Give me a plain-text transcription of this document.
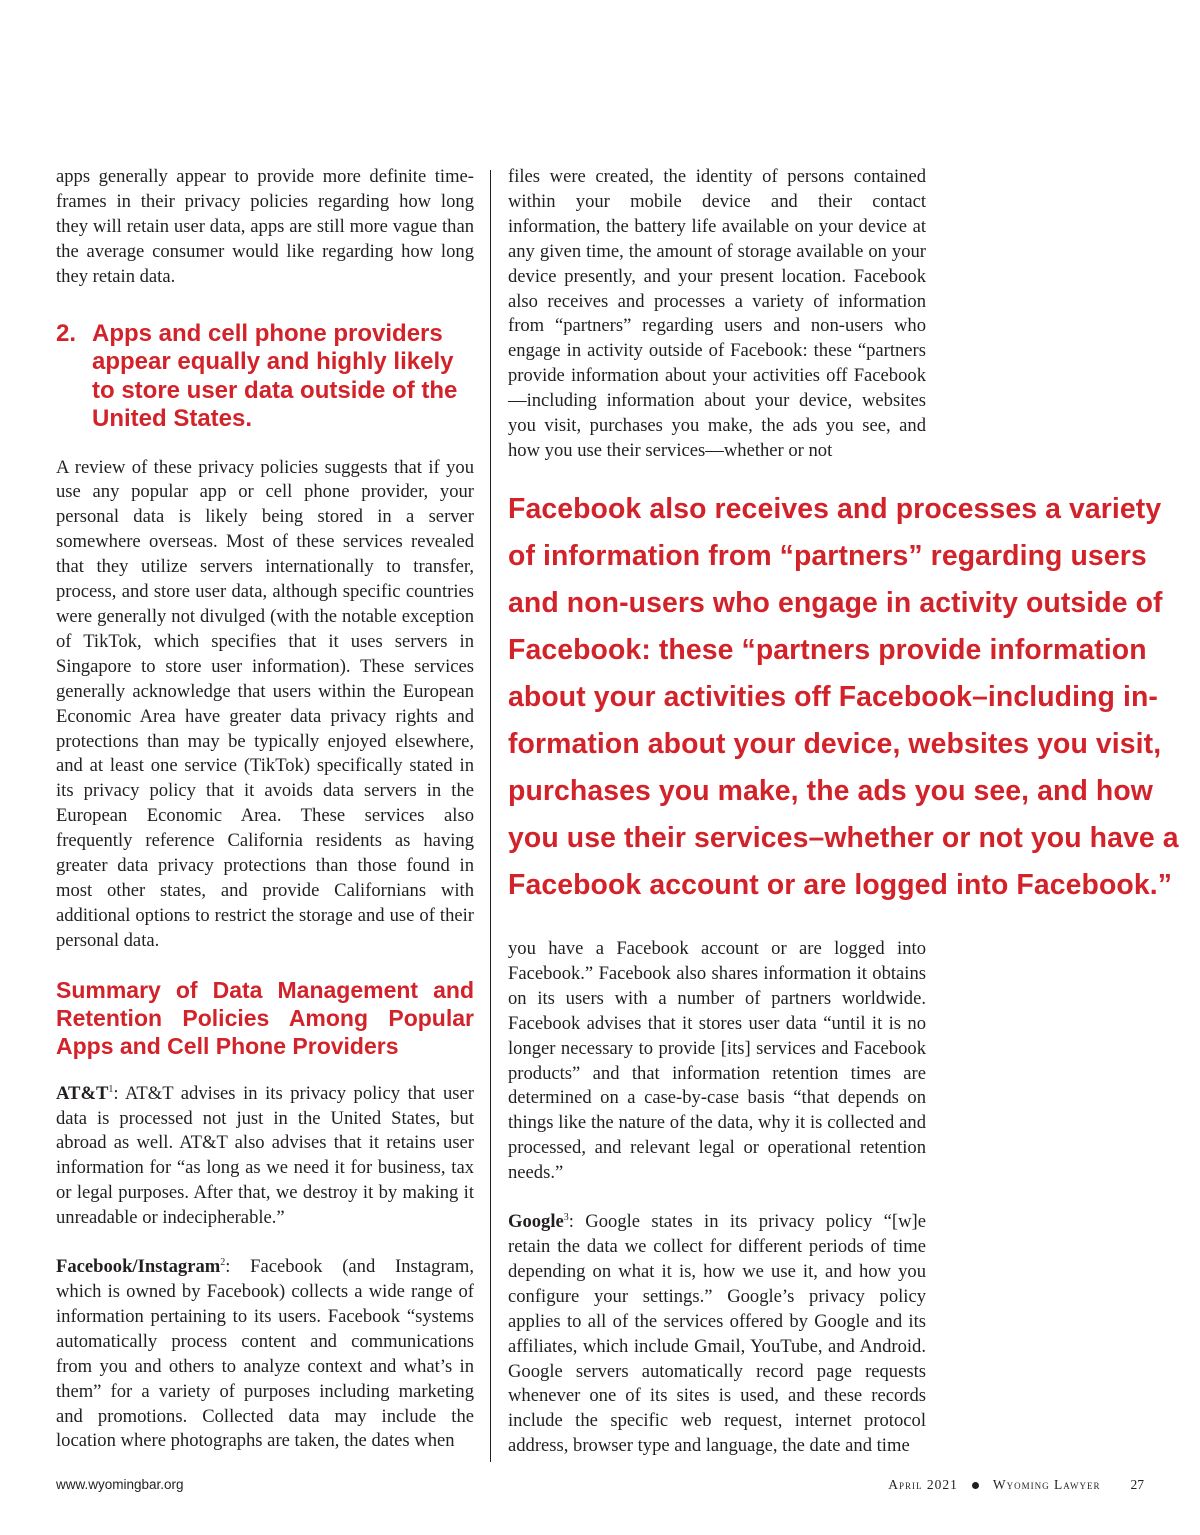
apps generally appear to provide more definite time-frames in their privacy policies regarding how long they will retain user data, apps are still more vague than the average consumer would like regarding how long they retain data.

2. Apps and cell phone providers appear equally and highly likely to store user data outside of the United States.

A review of these privacy policies suggests that if you use any popular app or cell phone provider, your personal data is likely being stored in a server somewhere overseas. Most of these services revealed that they utilize servers internationally to transfer, process, and store user data, although specific countries were generally not divulged (with the notable exception of TikTok, which specifies that it uses servers in Singapore to store user information). These services generally acknowledge that users within the European Economic Area have greater data privacy rights and protections than may be typically enjoyed elsewhere, and at least one service (TikTok) specifically stated in its privacy policy that it avoids data servers in the European Economic Area. These services also frequently reference California residents as having greater data privacy protections than those found in most other states, and provide Californians with additional options to restrict the storage and use of their personal data.

Summary of Data Management and Retention Policies Among Popular Apps and Cell Phone Providers

$AT\&T^1$: AT&T advises in its privacy policy that user data is processed not just in the United States, but abroad as well. AT&T also advises that it retains user information for “as long as we need it for business, tax or legal purposes. After that, we destroy it by making it unreadable or indecipherable.”

Facebook/Instagram$^2$: Facebook (and Instagram, which is owned by Facebook) collects a wide range of information pertaining to its users. Facebook “systems automatically process content and communications from you and others to analyze context and what’s in them” for a variety of purposes including marketing and promotions. Collected data may include the location where photographs are taken, the dates when

files were created, the identity of persons contained within your mobile device and their contact information, the battery life available on your device at any given time, the amount of storage available on your device presently, and your present location. Facebook also receives and processes a variety of information from “partners” regarding users and non-users who engage in activity outside of Facebook: these “partners provide information about your activities off Facebook—including information about your device, websites you visit, purchases you make, the ads you see, and how you use their services—whether or not

Facebook also receives and processes a variety
of information from “partners” regarding users
and non-users who engage in activity outside of
Facebook: these “partners provide information
about your activities off Facebook–including in-
formation about your device, websites you visit,
purchases you make, the ads you see, and how
you use their services–whether or not you have a
Facebook account or are logged into Facebook.”

you have a Facebook account or are logged into Facebook.” Facebook also shares information it obtains on its users with a number of partners worldwide. Facebook advises that it stores user data “until it is no longer necessary to provide [its] services and Facebook products” and that information retention times are determined on a case-by-case basis “that depends on things like the nature of the data, why it is collected and processed, and relevant legal or operational retention needs.”

Google$^3$: Google states in its privacy policy “[w]e retain the data we collect for different periods of time depending on what it is, how we use it, and how you configure your settings.” Google’s privacy policy applies to all of the services offered by Google and its affiliates, which include Gmail, YouTube, and Android. Google servers automatically record page requests whenever one of its sites is used, and these records include the specific web request, internet protocol address, browser type and language, the date and time

www.wyomingbar.org	April 2021	Wyoming Lawyer 27
